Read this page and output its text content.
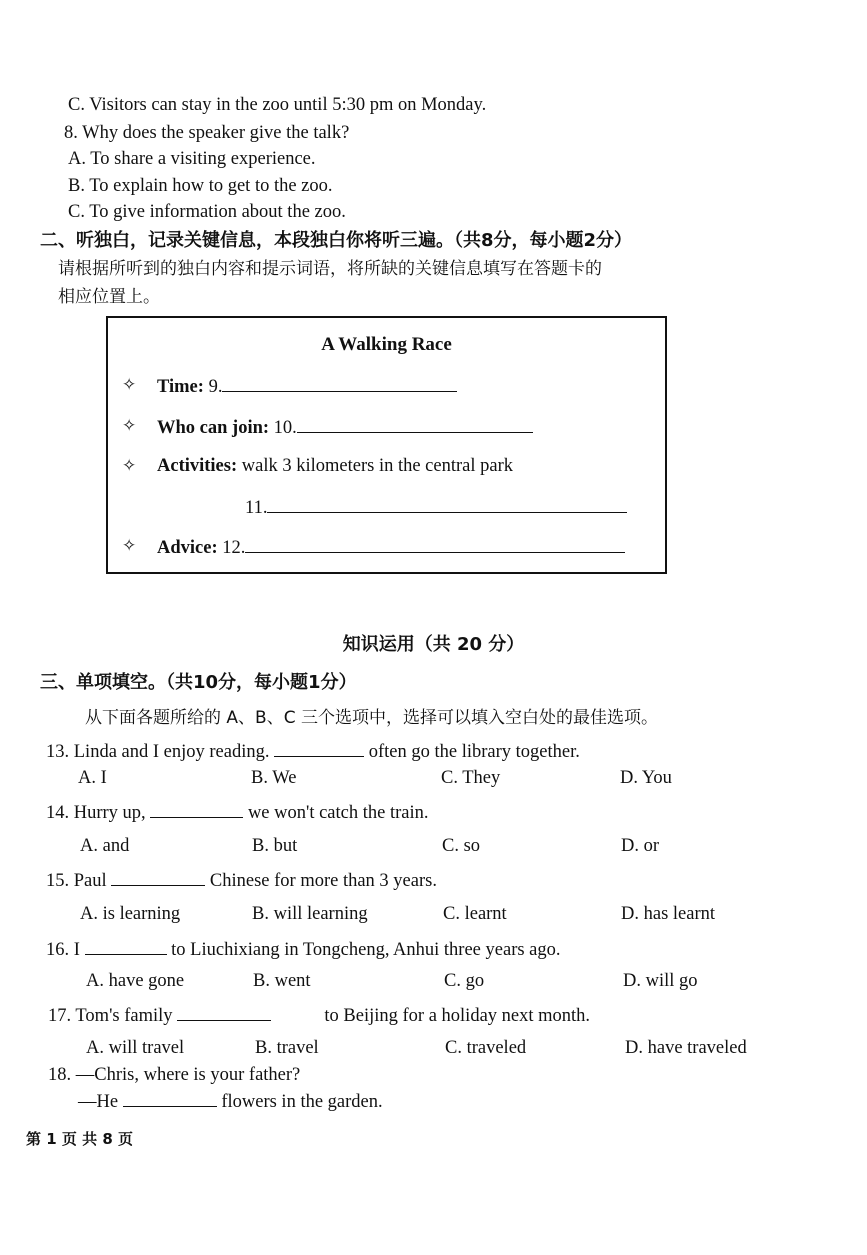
C. Visitors can stay in the zoo until 5:30 pm on Monday.
8. Why does the speaker give the talk?
A. To share a visiting experience.
B. To explain how to get to the zoo.
C. To give information about the zoo.
二、听独白，记录关键信息，本段独白你将听三遍。（共8分，每小题2分）
请根据所听到的独白内容和提示词语，将所缺的关键信息填写在答题卡的
相应位置上。
A Walking Race
✧ Time: 9.
✧ Who can join: 10.
✧ Activities: walk 3 kilometers in the central park
11.
✧ Advice: 12.
知识运用（共 20 分）
三、单项填空。（共10分，每小题1分）
从下面各题所给的 A、B、C 三个选项中，选择可以填入空白处的最佳选项。
13. Linda and I enjoy reading.	often go the library together.
A. I	B. We	C. They	D. You
14. Hurry up,	we won't catch the train.
A. and	B. but	C. so	D. or
15. Paul	Chinese for more than 3 years.
A. is learning	B. will learning	C. learnt	D. has learnt
16. I	to Liuchixiang in Tongcheng, Anhui three years ago.
A. have gone	B. went	C. go	D. will go
17. Tom's family	to Beijing for a holiday next month.
A. will travel	B. travel	C. traveled	D. have traveled
18. —Chris, where is your father?
—He	flowers in the garden.
第 1 页 共 8 页
